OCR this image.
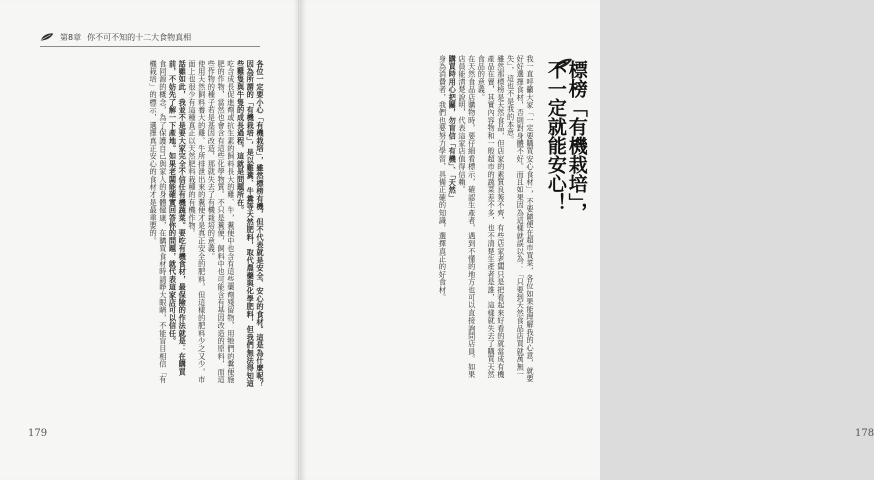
第8章 你不可不知的十二大食物真相
各位一定要小心「有機栽培」，雖然標榜有機，但不代表就是安全、安心的食材。這是為什麼呢？因為所謂的「有機栽培」，是以雞糞、牛糞等天然肥料，取代農藥與化學肥料，但我們無法得知這些雞隻與牛隻的成長過程，這就是問題所在。
吃含成長促進劑或抗生素的飼料長大的雞、牛，糞便中也含有這些藥劑殘留物，用牠們的糞便施肥的作物，當然也會含有這些化學物質。不只是糞便，飼料中也可能含有基因改造的原料，而這些作物的種子若是基因改造，那就失去了有機栽培的意義。
使用天然飼料養大的雞、牛所排泄出來的糞便才是真正安全的肥料，但這樣的肥料少之又少，市面上也很少有這種真正以天然肥料栽種的有機作物。
話雖如此，我並不是要大家完全不信任有機蔬菜。要吃有機食材，最保險的作法就是：在購買前，不妨先了解一下產地。如果老闆能確實回答你的問題，就代表這家店可以信任。
食同源的概念，為了保護自己與家人的身體健康，在購買食材時請睜大眼睛，不能盲目相信「有機栽培」的標示，選擇真正安心的食材才是最重要的。
179	178
我一直呼籲大家「一定要購買安心食材」，不要隨便在超市買菜，各位如果能理解我的心意，就要好好選擇食材，否則對身體不好。而且如果因為這樣就誤以為：「只要到天然食品店買就萬無一失」，這也不是我的本意。
雖然那標榜是天然食品，但店家的素質良莠不齊，有些店家老闆只是把看起來好看的就當成有機產品在賣，其實內容物和一般超市的蔬菜差不多，也不清楚生產者是誰，這樣就失去了購買天然食品的意義。
在天然食品店購物時，要仔細看標示，確認生產者，遇到不懂的地方也可以直接詢問店員。如果店員能清楚說明，代表這家店值得信賴。
購買時用心把關，勿盲信「有機」、「天然」
身為消費者，我們也要努力學習，具備正確的知識，選擇真正的好食材。	標榜「有機栽培」，
不一定就能安心！
